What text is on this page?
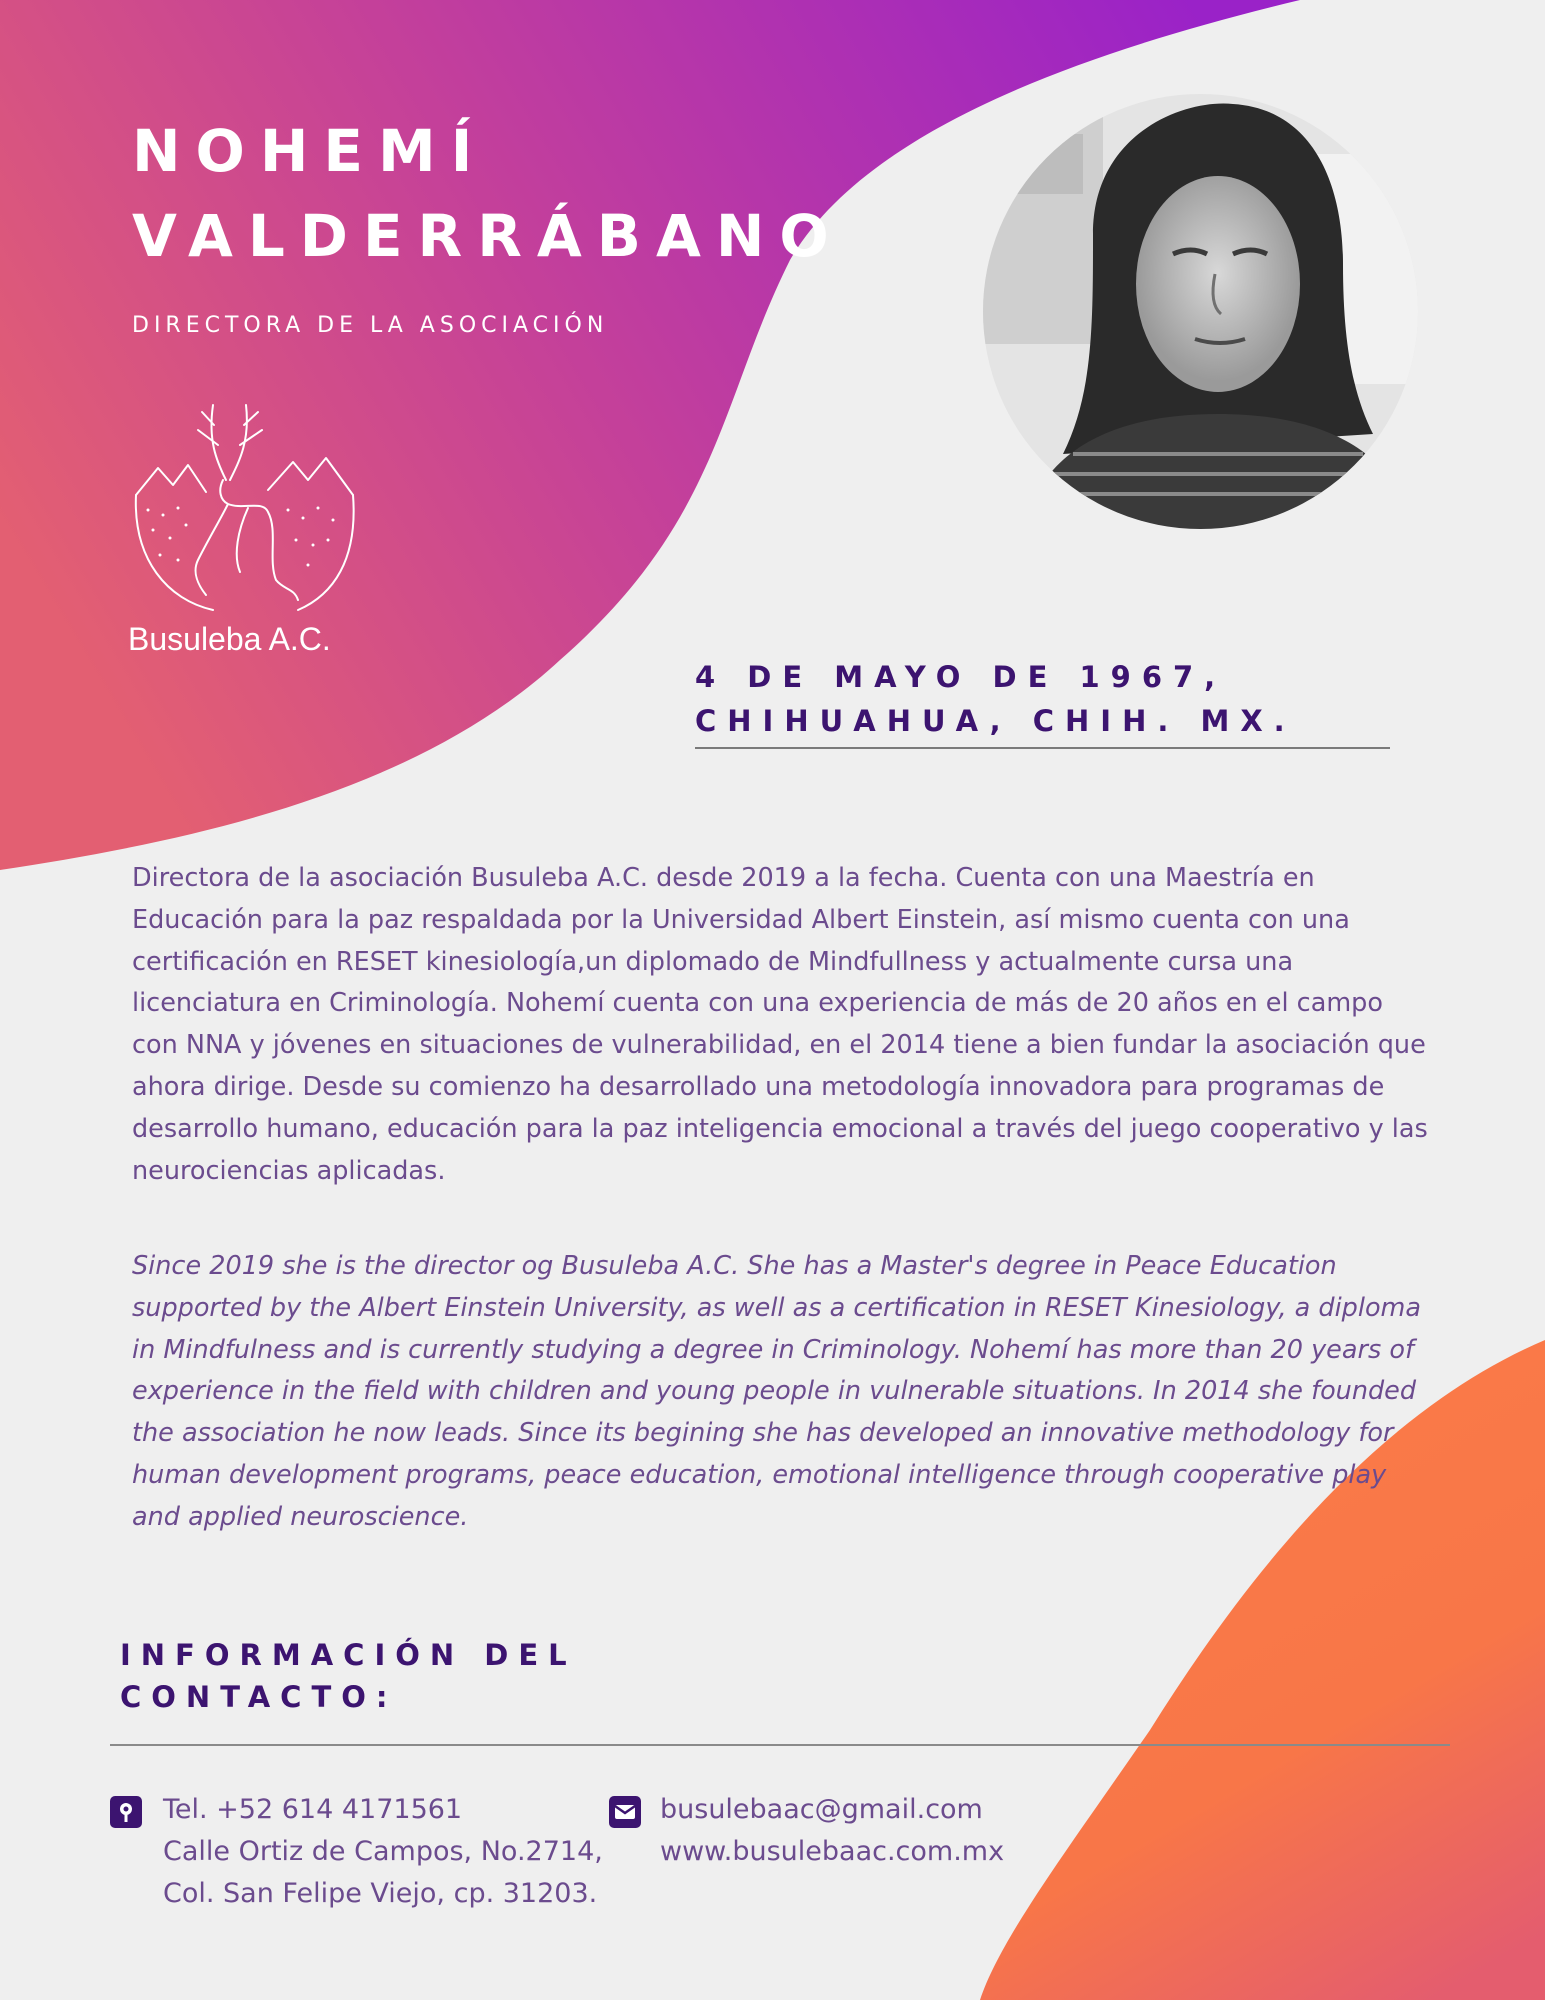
NOHEMÍ
VALDERRÁBANO

DIRECTORA DE LA ASOCIACIÓN

Busuleba A.C.

4 DE MAYO DE 1967,

CHIHUAHUA, CHIH. MX.

Directora de la asociación Busuleba A.C. desde 2019 a la fecha. Cuenta con una Maestría en Educación para la paz respaldada por la Universidad Albert Einstein, así mismo cuenta con una certificación en RESET kinesiología,un diplomado de Mindfullness y actualmente cursa una licenciatura en Criminología. Nohemí cuenta con una experiencia de más de 20 años en el campo con NNA y jóvenes en situaciones de vulnerabilidad, en el 2014 tiene a bien fundar la asociación que ahora dirige. Desde su comienzo ha desarrollado una metodología innovadora para programas de desarrollo humano, educación para la paz inteligencia emocional a través del juego cooperativo y las neurociencias aplicadas.

Since 2019 she is the director og Busuleba A.C. She has a Master's degree in Peace Education supported by the Albert Einstein University, as well as a certification in RESET Kinesiology, a diploma in Mindfulness and is currently studying a degree in Criminology. Nohemí has more than 20 years of experience in the field with children and young people in vulnerable situations. In 2014 she founded the association he now leads. Since its begining she has developed an innovative methodology for human development programs, peace education, emotional intelligence through cooperative play and applied neuroscience.

INFORMACIÓN DEL

CONTACTO:

Tel. +52 614 4171561

Calle Ortiz de Campos, No.2714,

Col. San Felipe Viejo, cp. 31203.

busulebaac@gmail.com

www.busulebaac.com.mx
